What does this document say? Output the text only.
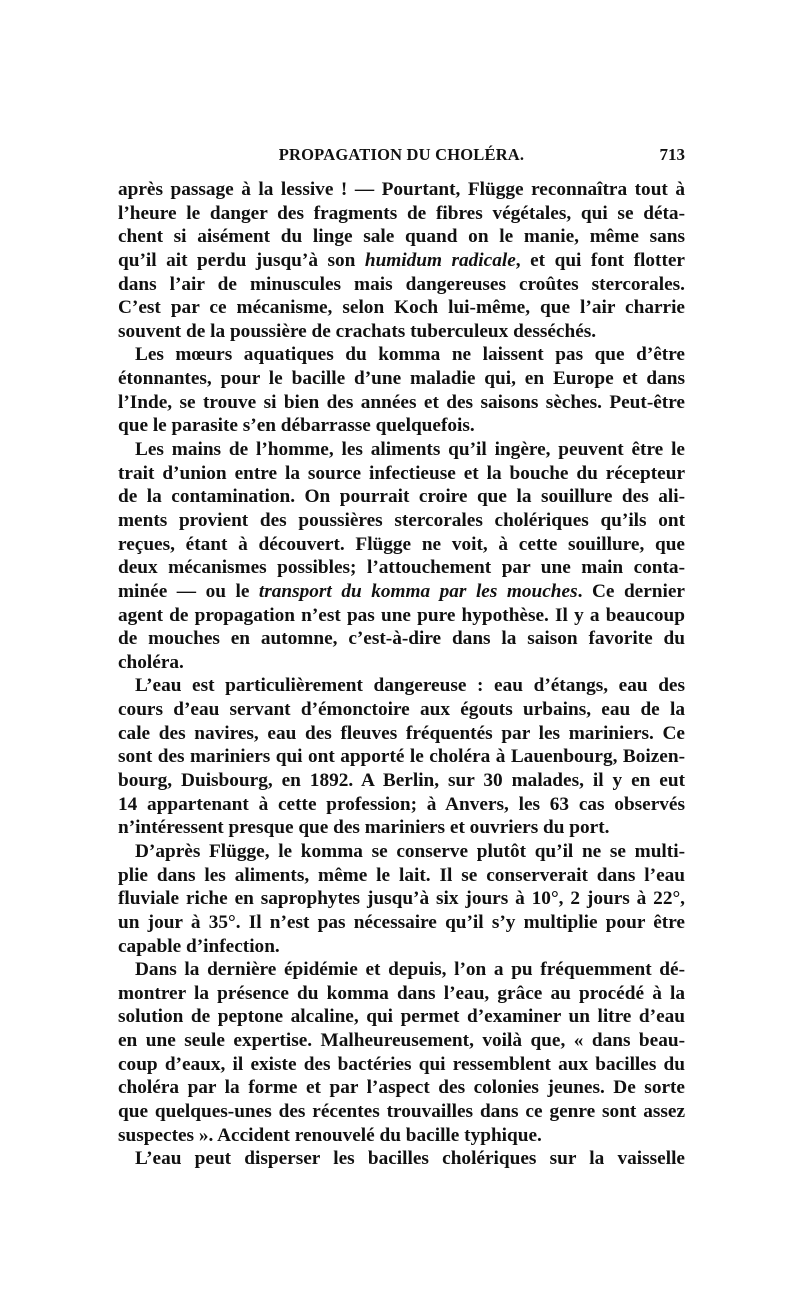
PROPAGATION DU CHOLÉRA.	713
après passage à la lessive ! — Pourtant, Flügge reconnaîtra tout à
l’heure le danger des fragments de fibres végétales, qui se déta-
chent si aisément du linge sale quand on le manie, même sans
qu’il ait perdu jusqu’à son humidum radicale, et qui font flotter
dans l’air de minuscules mais dangereuses croûtes stercorales.
C’est par ce mécanisme, selon Koch lui-même, que l’air charrie
souvent de la poussière de crachats tuberculeux desséchés.
Les mœurs aquatiques du komma ne laissent pas que d’être
étonnantes, pour le bacille d’une maladie qui, en Europe et dans
l’Inde, se trouve si bien des années et des saisons sèches. Peut-être
que le parasite s’en débarrasse quelquefois.
Les mains de l’homme, les aliments qu’il ingère, peuvent être le
trait d’union entre la source infectieuse et la bouche du récepteur
de la contamination. On pourrait croire que la souillure des ali-
ments provient des poussières stercorales cholériques qu’ils ont
reçues, étant à découvert. Flügge ne voit, à cette souillure, que
deux mécanismes possibles; l’attouchement par une main conta-
minée — ou le transport du komma par les mouches. Ce dernier
agent de propagation n’est pas une pure hypothèse. Il y a beaucoup
de mouches en automne, c’est-à-dire dans la saison favorite du
choléra.
L’eau est particulièrement dangereuse : eau d’étangs, eau des
cours d’eau servant d’émonctoire aux égouts urbains, eau de la
cale des navires, eau des fleuves fréquentés par les mariniers. Ce
sont des mariniers qui ont apporté le choléra à Lauenbourg, Boizen-
bourg, Duisbourg, en 1892. A Berlin, sur 30 malades, il y en eut
14 appartenant à cette profession; à Anvers, les 63 cas observés
n’intéressent presque que des mariniers et ouvriers du port.
D’après Flügge, le komma se conserve plutôt qu’il ne se multi-
plie dans les aliments, même le lait. Il se conserverait dans l’eau
fluviale riche en saprophytes jusqu’à six jours à 10°, 2 jours à 22°,
un jour à 35°. Il n’est pas nécessaire qu’il s’y multiplie pour être
capable d’infection.
Dans la dernière épidémie et depuis, l’on a pu fréquemment dé-
montrer la présence du komma dans l’eau, grâce au procédé à la
solution de peptone alcaline, qui permet d’examiner un litre d’eau
en une seule expertise. Malheureusement, voilà que, « dans beau-
coup d’eaux, il existe des bactéries qui ressemblent aux bacilles du
choléra par la forme et par l’aspect des colonies jeunes. De sorte
que quelques-unes des récentes trouvailles dans ce genre sont assez
suspectes ». Accident renouvelé du bacille typhique.
L’eau peut disperser les bacilles cholériques sur la vaisselle
